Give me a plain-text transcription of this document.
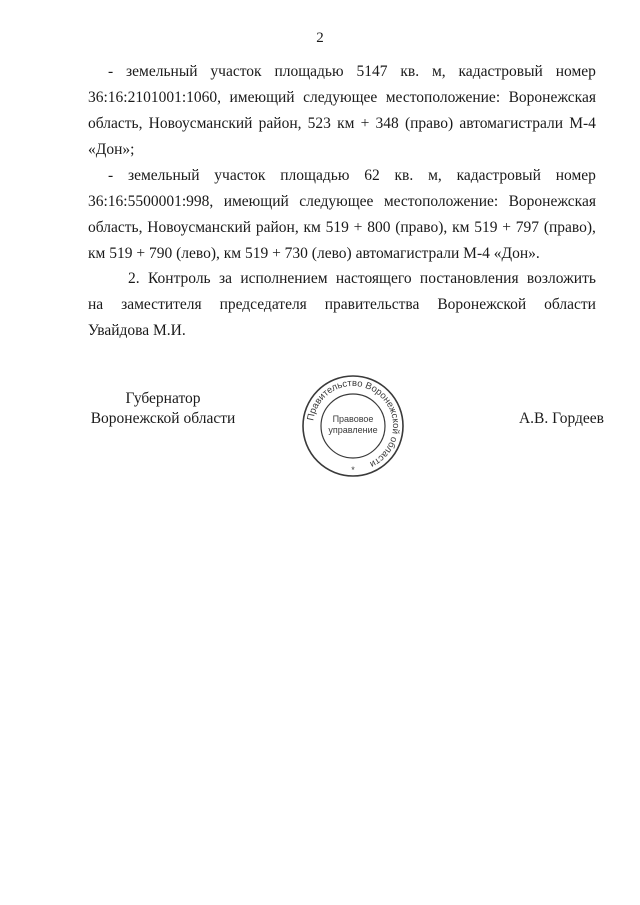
2
- земельный участок площадью 5147 кв. м, кадастровый номер
36:16:2101001:1060, имеющий следующее местоположение: Воронежская
область, Новоусманский район, 523 км + 348 (право) автомагистрали М-4
«Дон»;
- земельный участок площадью 62 кв. м, кадастровый номер
36:16:5500001:998, имеющий следующее местоположение: Воронежская
область, Новоусманский район, км 519 + 800 (право), км 519 + 797 (право),
км 519 + 790 (лево), км 519 + 730 (лево) автомагистрали М-4 «Дон».
2. Контроль за исполнением настоящего постановления возложить
на заместителя председателя правительства Воронежской области
Увайдова М.И.
Губернатор
Воронежской области	А.В. Гордеев
Правительство Воронежской области
Правовое
управление
*
